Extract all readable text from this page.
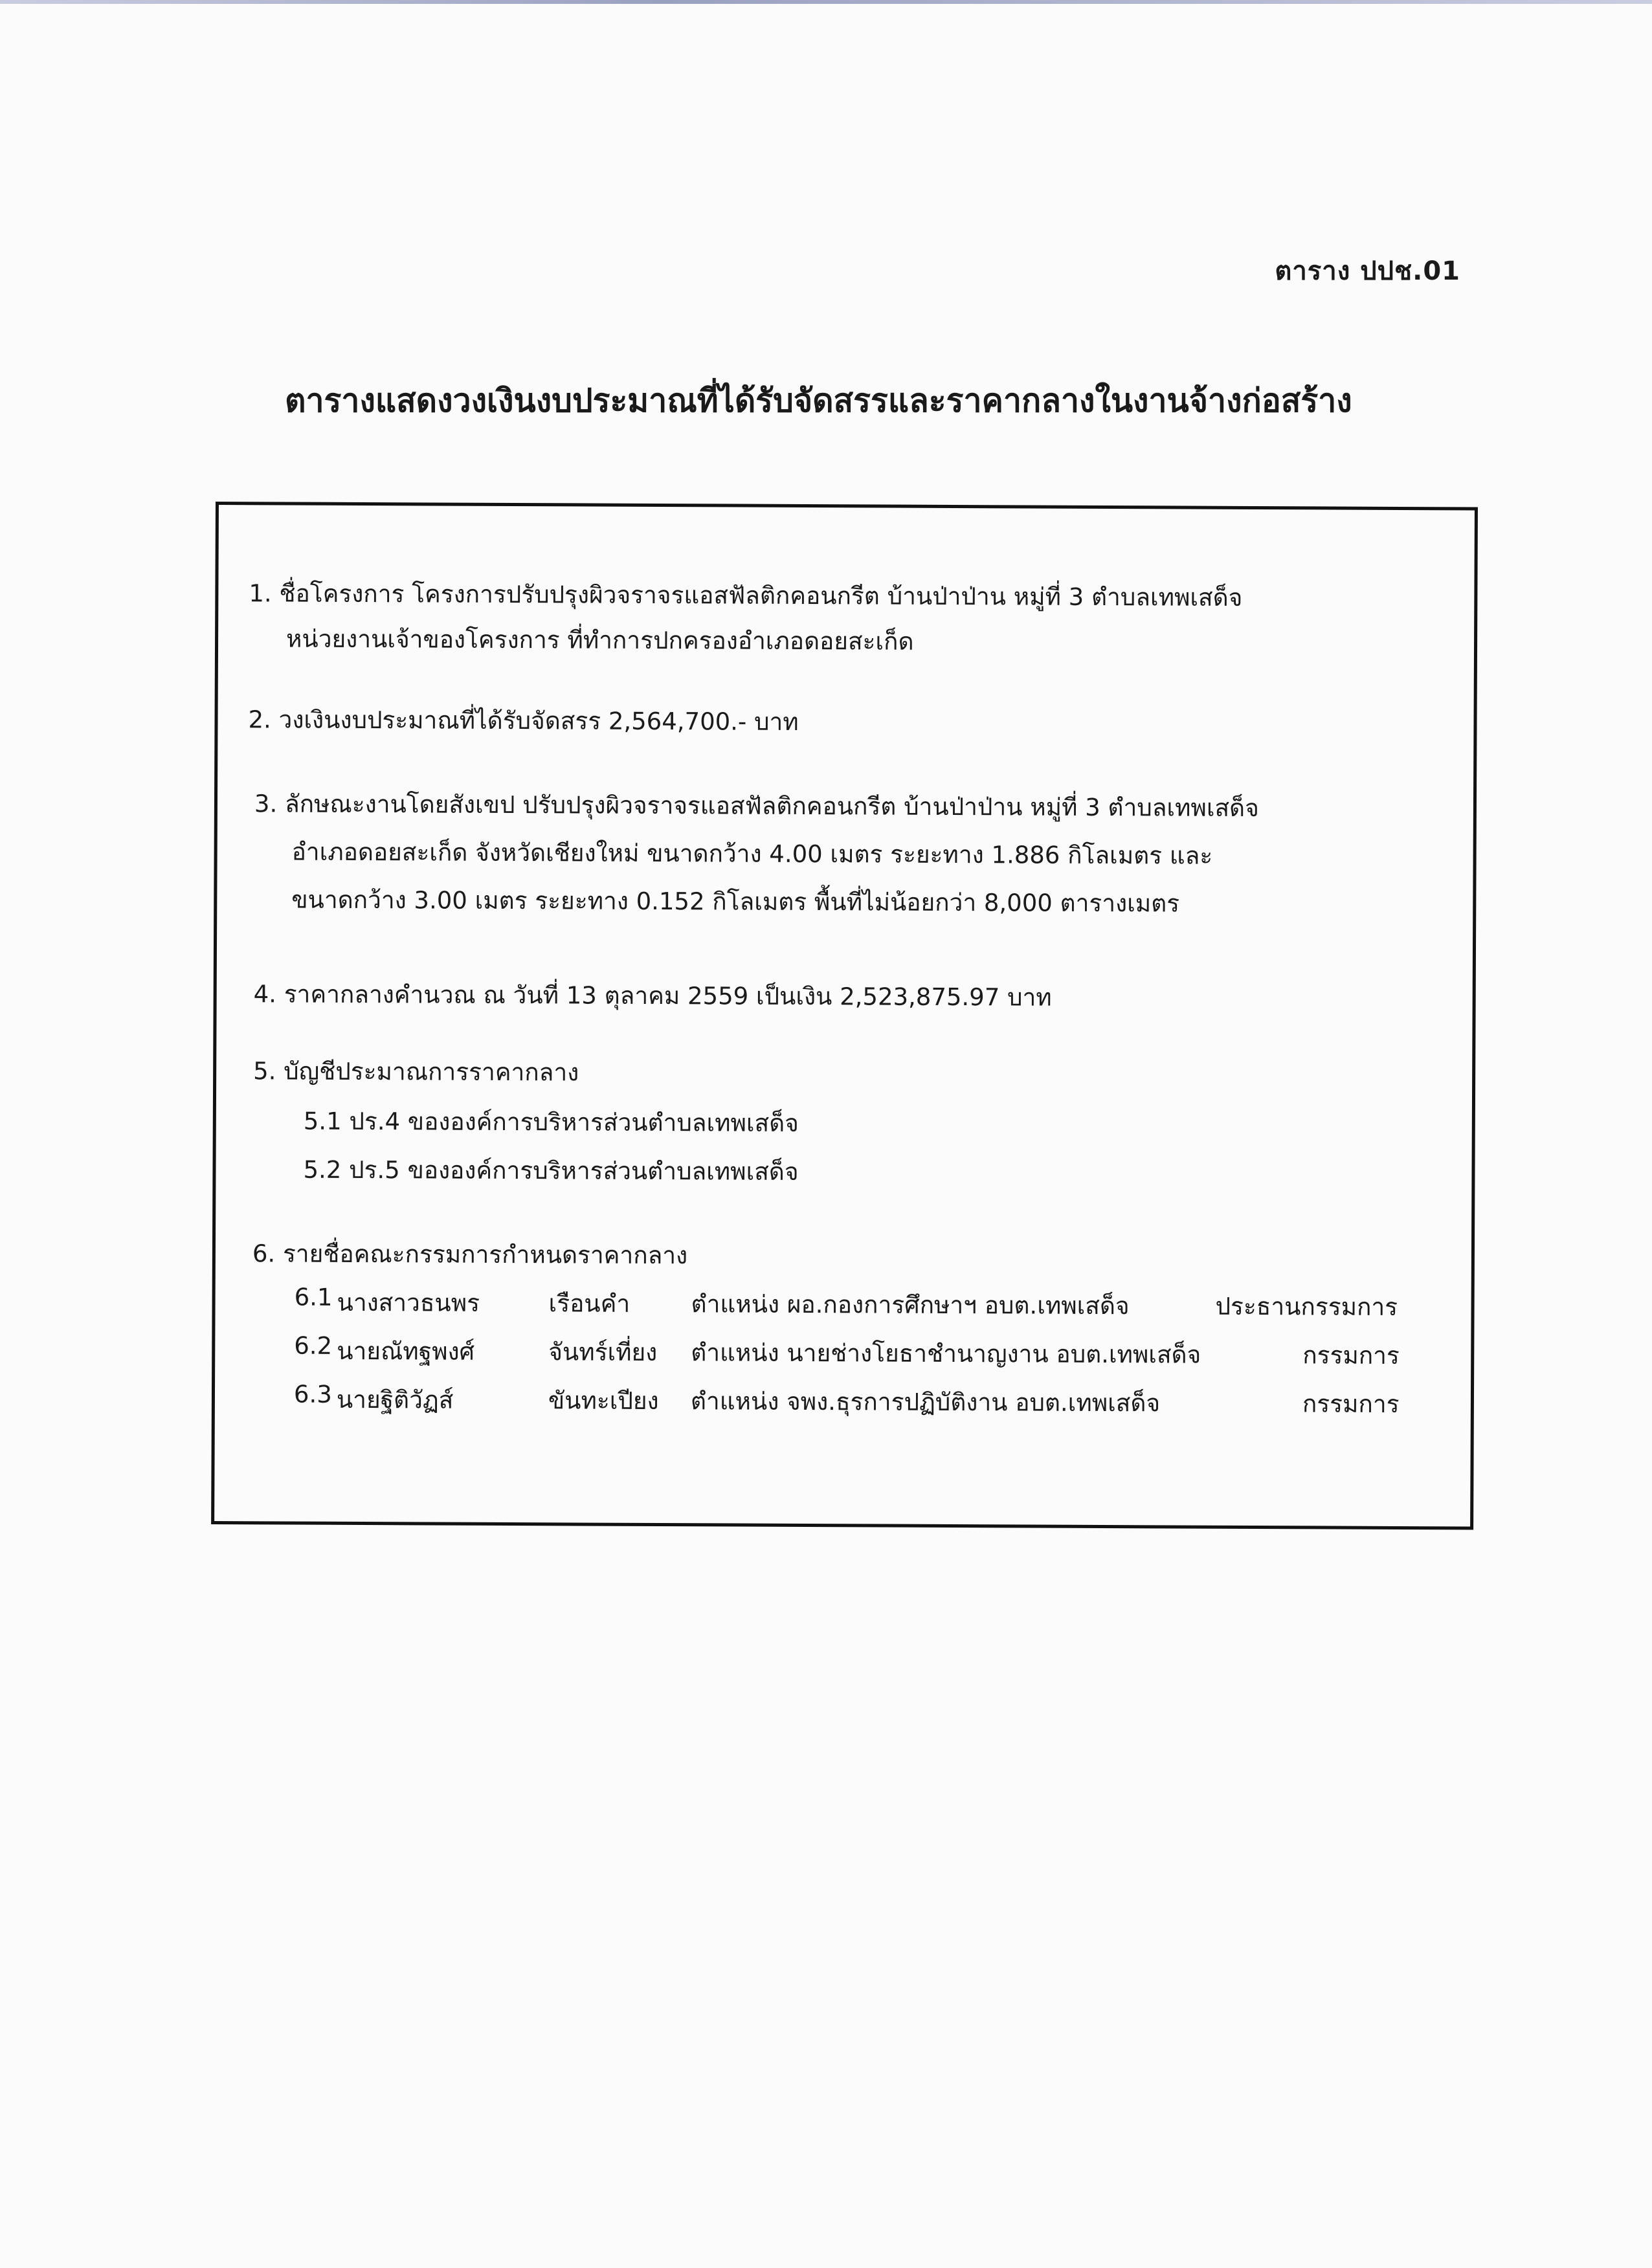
ตาราง ปปช.01
ตารางแสดงวงเงินงบประมาณที่ได้รับจัดสรรและราคากลางในงานจ้างก่อสร้าง
1. ชื่อโครงการ โครงการปรับปรุงผิวจราจรแอสฟัลติกคอนกรีต บ้านป่าป่าน หมู่ที่ 3 ตำบลเทพเสด็จ
หน่วยงานเจ้าของโครงการ ที่ทำการปกครองอำเภอดอยสะเก็ด
2. วงเงินงบประมาณที่ได้รับจัดสรร 2,564,700.- บาท
3. ลักษณะงานโดยสังเขป ปรับปรุงผิวจราจรแอสฟัลติกคอนกรีต บ้านป่าป่าน หมู่ที่ 3 ตำบลเทพเสด็จ
อำเภอดอยสะเก็ด จังหวัดเชียงใหม่ ขนาดกว้าง 4.00 เมตร ระยะทาง 1.886 กิโลเมตร และ
ขนาดกว้าง 3.00 เมตร ระยะทาง 0.152 กิโลเมตร พื้นที่ไม่น้อยกว่า 8,000 ตารางเมตร
4. ราคากลางคำนวณ ณ วันที่ 13 ตุลาคม 2559 เป็นเงิน 2,523,875.97 บาท
5. บัญชีประมาณการราคากลาง
5.1 ปร.4 ขององค์การบริหารส่วนตำบลเทพเสด็จ
5.2 ปร.5 ขององค์การบริหารส่วนตำบลเทพเสด็จ
6. รายชื่อคณะกรรมการกำหนดราคากลาง
6.1 นางสาวธนพร	เรือนคำ	ตำแหน่ง ผอ.กองการศึกษาฯ อบต.เทพเสด็จ	ประธานกรรมการ
6.2 นายณัทฐพงศ์	จันทร์เที่ยง ตำแหน่ง นายช่างโยธาชำนาญงาน อบต.เทพเสด็จ	กรรมการ
6.3 นายฐิติวัฏส์	ขันทะเปียง ตำแหน่ง จพง.ธุรการปฏิบัติงาน อบต.เทพเสด็จ	กรรมการ
